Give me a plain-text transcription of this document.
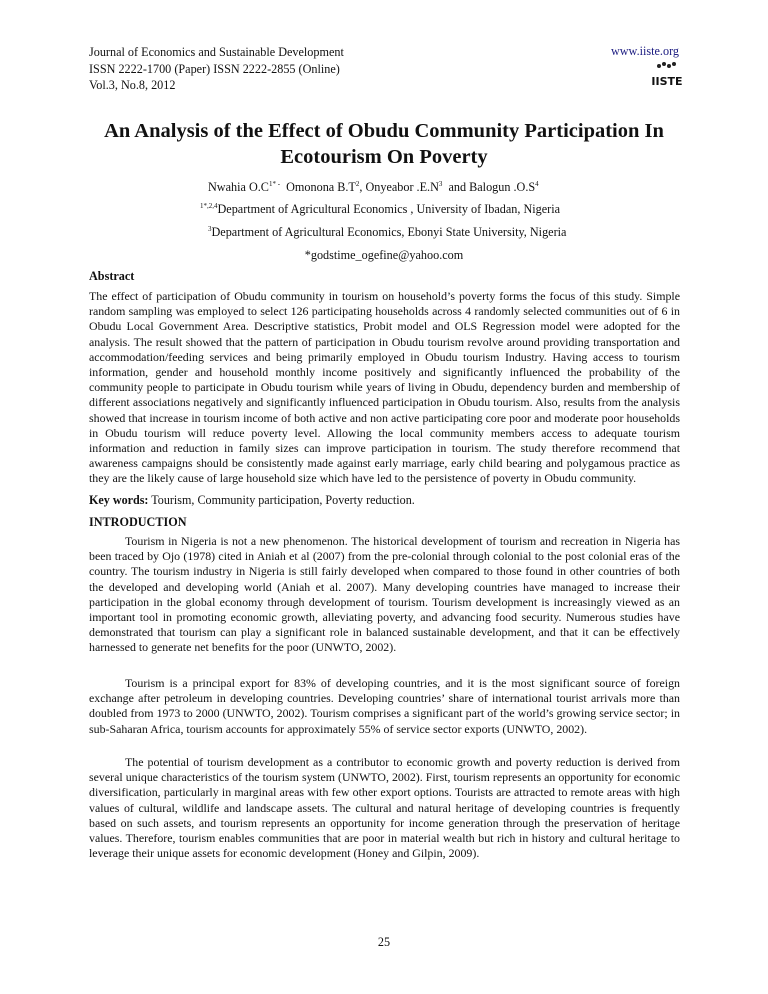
Journal of Economics and Sustainable Development
ISSN 2222-1700 (Paper) ISSN 2222-2855 (Online)
Vol.3, No.8, 2012
www.iiste.org
IISTE
An Analysis of the Effect of Obudu Community Participation In Ecotourism On Poverty
Nwahia $O.C^{1* -}$ Omonona $B.T^2$, Onyeabor $.E.N^3$ and Balogun $.O.S^4$
$^{1*,2,4}$Department of Agricultural Economics , University of Ibadan, Nigeria
$^3$Department of Agricultural Economics, Ebonyi State University, Nigeria
*godstime_ogefine@yahoo.com
Abstract

The effect of participation of Obudu community in tourism on household’s poverty forms the focus of this study. Simple random sampling was employed to select 126 participating households across 4 randomly selected communities out of 6 in Obudu Local Government Area. Descriptive statistics, Probit model and OLS Regression model were adopted for the analysis. The result showed that the pattern of participation in Obudu tourism revolve around providing transportation and accommodation/feeding services and being primarily employed in Obudu tourism Industry. Having access to tourism information, gender and household monthly income positively and significantly influenced the probability of the community people to participate in Obudu tourism while years of living in Obudu, dependency burden and membership of different associations negatively and significantly influenced participation in Obudu tourism. Also, results from the analysis showed that increase in tourism income of both active and non active participating core poor and moderate poor households in Obudu tourism will reduce poverty level. Allowing the local community members access to adequate tourism information and reduction in family sizes can improve participation in tourism. The study therefore recommend that awareness campaigns should be consistently made against early marriage, early child bearing and polygamous practice as they are the likely cause of large household size which have led to the persistence of poverty in Obudu community.

Key words: Tourism, Community participation, Poverty reduction.
INTRODUCTION

Tourism in Nigeria is not a new phenomenon. The historical development of tourism and recreation in Nigeria has been traced by Ojo (1978) cited in Aniah et al (2007) from the pre-colonial through colonial to the post colonial eras of the country. The tourism industry in Nigeria is still fairly developed when compared to those found in other countries of both the developed and developing world (Aniah et al. 2007). Many developing countries have managed to increase their participation in the global economy through development of tourism. Tourism development is increasingly viewed as an important tool in promoting economic growth, alleviating poverty, and advancing food security. Numerous studies have demonstrated that tourism can play a significant role in balanced sustainable development, and that it can be effectively harnessed to generate net benefits for the poor (UNWTO, 2002).

Tourism is a principal export for 83% of developing countries, and it is the most significant source of foreign exchange after petroleum in developing countries. Developing countries’ share of international tourist arrivals more than doubled from 1973 to 2000 (UNWTO, 2002). Tourism comprises a significant part of the world’s growing service sector; in sub-Saharan Africa, tourism accounts for approximately 55% of service sector exports (UNWTO, 2002).

The potential of tourism development as a contributor to economic growth and poverty reduction is derived from several unique characteristics of the tourism system (UNWTO, 2002). First, tourism represents an opportunity for economic diversification, particularly in marginal areas with few other export options. Tourists are attracted to remote areas with high values of cultural, wildlife and landscape assets. The cultural and natural heritage of developing countries is frequently based on such assets, and tourism represents an opportunity for income generation through the preservation of heritage values. Therefore, tourism enables communities that are poor in material wealth but rich in history and cultural heritage to leverage their unique assets for economic development (Honey and Gilpin, 2009).

25
